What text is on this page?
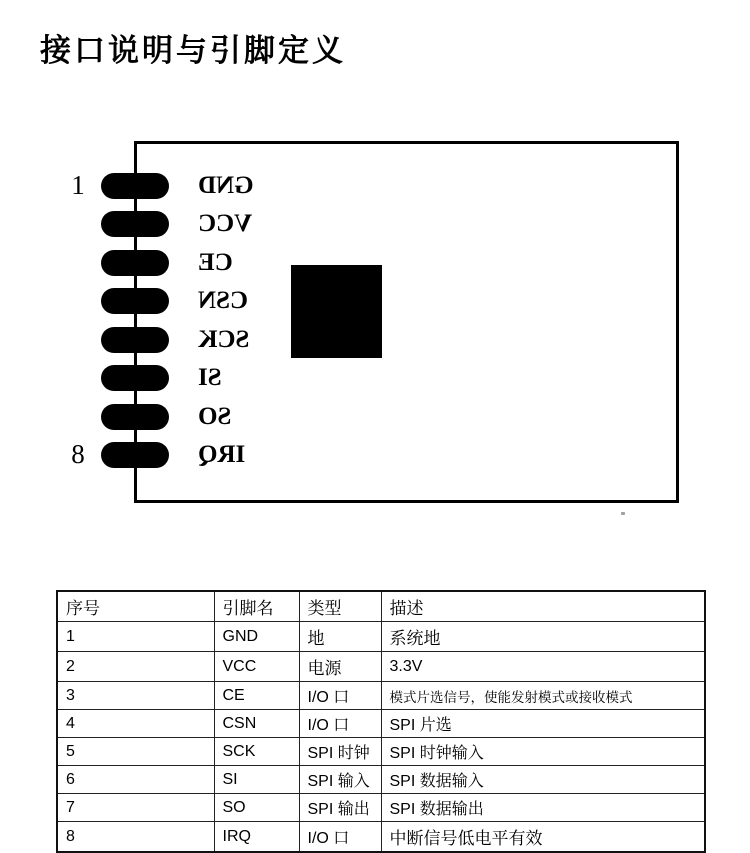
接口说明与引脚定义
GND
VCC
CE
CSN
SCK
SI
SO
IRQ
1
8
序号	引脚名	类型	描述
1	GND	地	系统地
2	VCC	电源	3.3V
3	CE	I/O 口	模式片选信号，使能发射模式或接收模式
4	CSN	I/O 口	SPI 片选
5	SCK	SPI 时钟	SPI 时钟输入
6	SI	SPI 输入	SPI 数据输入
7	SO	SPI 输出	SPI 数据输出
8	IRQ	I/O 口	中断信号低电平有效
